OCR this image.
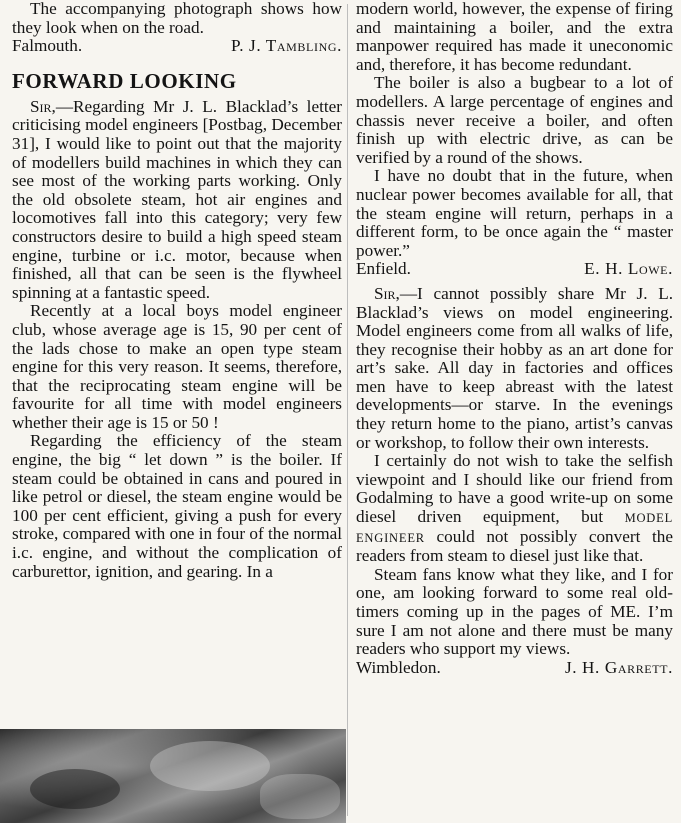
The accompanying photograph shows how they look when on the road.

Falmouth.	P. J. Tambling.
FORWARD LOOKING

Sir,—Regarding Mr J. L. Blacklad’s letter criticising model engineers [Postbag, December 31], I would like to point out that the majority of modellers build machines in which they can see most of the working parts working. Only the old obsolete steam, hot air engines and locomotives fall into this category; very few constructors desire to build a high speed steam engine, turbine or i.c. motor, because when finished, all that can be seen is the flywheel spinning at a fantastic speed.

Recently at a local boys model engineer club, whose average age is 15, 90 per cent of the lads chose to make an open type steam engine for this very reason. It seems, therefore, that the reciprocating steam engine will be favourite for all time with model engineers whether their age is 15 or 50 !

Regarding the efficiency of the steam engine, the big “ let down ” is the boiler. If steam could be obtained in cans and poured in like petrol or diesel, the steam engine would be 100 per cent efficient, giving a push for every stroke, compared with one in four of the normal i.c. engine, and without the complication of carburettor, ignition, and gearing. In a

modern world, however, the expense of firing and maintaining a boiler, and the extra manpower required has made it uneconomic and, therefore, it has become redundant.

The boiler is also a bugbear to a lot of modellers. A large percentage of engines and chassis never receive a boiler, and often finish up with electric drive, as can be verified by a round of the shows.

I have no doubt that in the future, when nuclear power becomes available for all, that the steam engine will return, perhaps in a different form, to be once again the “ master power.”

Enfield.	E. H. Lowe.

Sir,—I cannot possibly share Mr J. L. Blacklad’s views on model engineering. Model engineers come from all walks of life, they recognise their hobby as an art done for art’s sake. All day in factories and offices men have to keep abreast with the latest developments—or starve. In the evenings they return home to the piano, artist’s canvas or workshop, to follow their own interests.

I certainly do not wish to take the selfish viewpoint and I should like our friend from Godalming to have a good write-up on some diesel driven equipment, but MODEL ENGINEER could not possibly convert the readers from steam to diesel just like that.

Steam fans know what they like, and I for one, am looking forward to some real old-timers coming up in the pages of ME. I’m sure I am not alone and there must be many readers who support my views.

Wimbledon.	J. H. Garrett.
